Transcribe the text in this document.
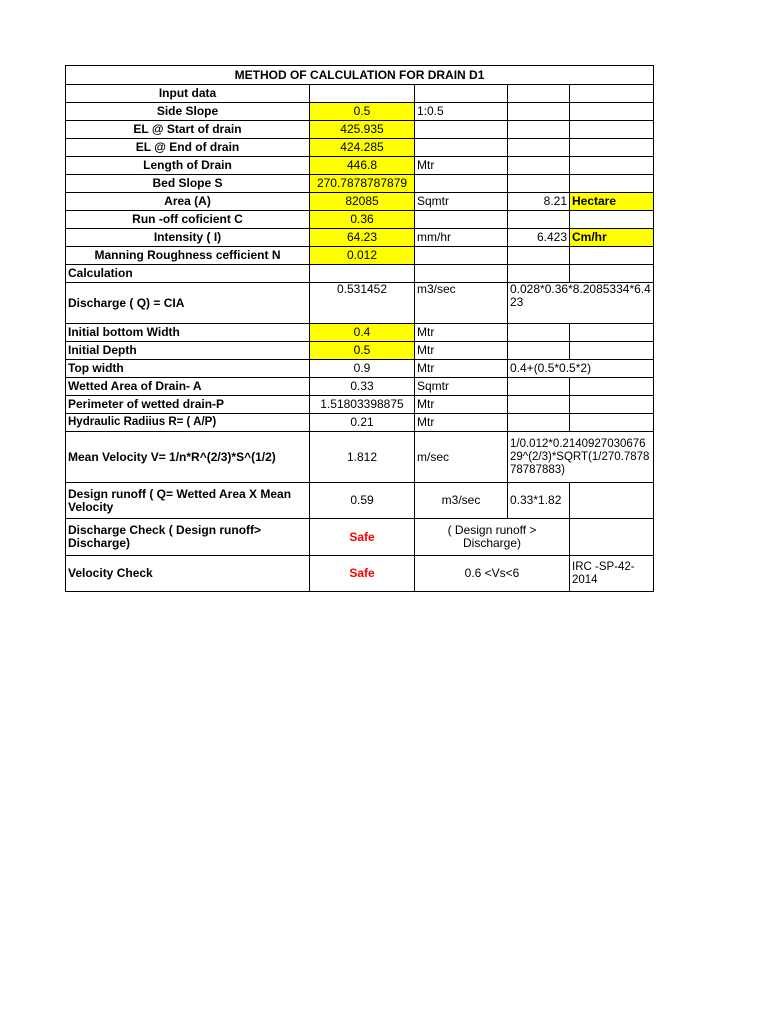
METHOD OF CALCULATION FOR DRAIN D1				
Input data				
Side Slope	0.5	1:0.5		
EL @ Start of drain	425.935			
EL @ End of drain	424.285			
Length of Drain	446.8	Mtr		
Bed Slope S	270.7878787879			
Area (A)	82085	Sqmtr	8.21	Hectare
Run -off coficient C	0.36			
Intensity ( I)	64.23	mm/hr	6.423	Cm/hr
Manning Roughness cefficient N	0.012			
Calculation				
Discharge ( Q) = CIA	0.531452	m3/sec	0.028*0.36*8.2085334*6.423	
Initial bottom Width	0.4	Mtr		
Initial Depth	0.5	Mtr		
Top width	0.9	Mtr	0.4+(0.5*0.5*2)	
Wetted Area of Drain- A	0.33	Sqmtr		
Perimeter of wetted drain-P	1.51803398875	Mtr		
Hydraulic Radiius R= ( A/P)	0.21	Mtr		
Mean Velocity V= 1/n*R^(2/3)*S^(1/2)	1.812	m/sec	1/0.012*0.214092703067629^(2/3)*SQRT(1/270.787878787883)	
Design runoff ( Q= Wetted Area X Mean Velocity	0.59	m3/sec	0.33*1.82	
Discharge Check ( Design runoff> Discharge)	Safe	( Design runoff > Discharge)		
Velocity Check	Safe	0.6 <Vs<6		IRC -SP-42-2014
